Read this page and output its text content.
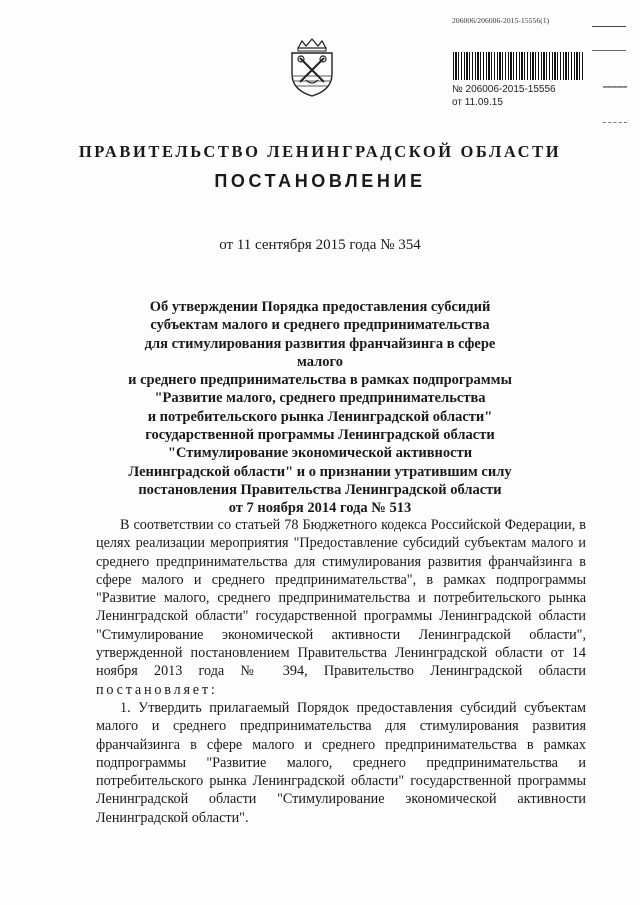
206006/206006-2015-15556(1)
№ 206006-2015-15556
от 11.09.15
ПРАВИТЕЛЬСТВО ЛЕНИНГРАДСКОЙ ОБЛАСТИ
ПОСТАНОВЛЕНИЕ
от 11 сентября 2015 года № 354
Об утверждении Порядка предоставления субсидий
субъектам малого и среднего предпринимательства
для стимулирования развития франчайзинга в сфере малого
и среднего предпринимательства в рамках подпрограммы
"Развитие малого, среднего предпринимательства
и потребительского рынка Ленинградской области"
государственной программы Ленинградской области
"Стимулирование экономической активности
Ленинградской области" и о признании утратившим силу
постановления Правительства Ленинградской области
от 7 ноября 2014 года № 513

В соответствии со статьей 78 Бюджетного кодекса Российской Федерации, в целях реализации мероприятия "Предоставление субсидий субъектам малого и среднего предпринимательства для стимулирования развития франчайзинга в сфере малого и среднего предпринимательства", в рамках подпрограммы "Развитие малого, среднего предпринимательства и потребительского рынка Ленинградской области" государственной программы Ленинградской области "Стимулирование экономической активности Ленинградской области", утвержденной постановлением Правительства Ленинградской области от 14 ноября 2013 года № 394, Правительство Ленинградской области постановляет:

1. Утвердить прилагаемый Порядок предоставления субсидий субъектам малого и среднего предпринимательства для стимулирования развития франчайзинга в сфере малого и среднего предпринимательства в рамках подпрограммы "Развитие малого, среднего предпринимательства и потребительского рынка Ленинградской области" государственной программы Ленинградской области "Стимулирование экономической активности Ленинградской области".
